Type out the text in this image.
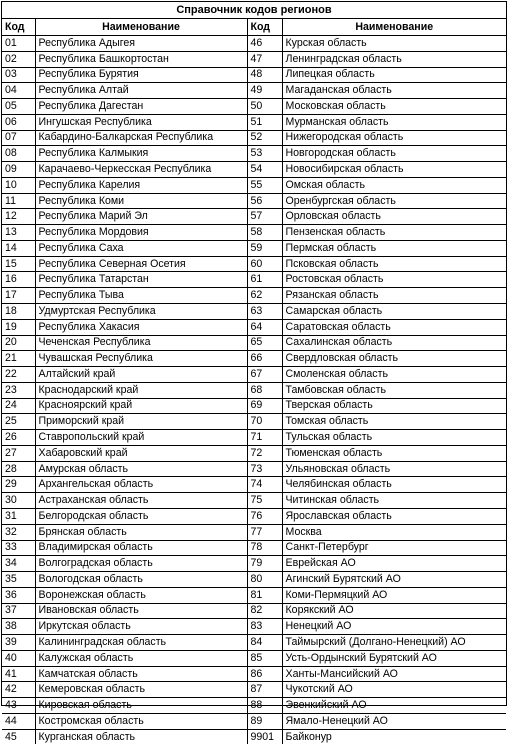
Справочник кодов регионов
Код	Наименование	Код	Наименование
01	Республика Адыгея	46	Курская область
02	Республика Башкортостан	47	Ленинградская область
03	Республика Бурятия	48	Липецкая область
04	Республика Алтай	49	Магаданская область
05	Республика Дагестан	50	Московская область
06	Ингушская Республика	51	Мурманская область
07	Кабардино-Балкарская Республика	52	Нижегородская область
08	Республика Калмыкия	53	Новгородская область
09	Карачаево-Черкесская Республика	54	Новосибирская область
10	Республика Карелия	55	Омская область
11	Республика Коми	56	Оренбургская область
12	Республика Марий Эл	57	Орловская область
13	Республика Мордовия	58	Пензенская область
14	Республика Саха	59	Пермская область
15	Республика Северная Осетия	60	Псковская область
16	Республика Татарстан	61	Ростовская область
17	Республика Тыва	62	Рязанская область
18	Удмуртская Республика	63	Самарская область
19	Республика Хакасия	64	Саратовская область
20	Чеченская Республика	65	Сахалинская область
21	Чувашская Республика	66	Свердловская область
22	Алтайский край	67	Смоленская область
23	Краснодарский край	68	Тамбовская область
24	Красноярский край	69	Тверская область
25	Приморский край	70	Томская область
26	Ставропольский край	71	Тульская область
27	Хабаровский край	72	Тюменская область
28	Амурская область	73	Ульяновская область
29	Архангельская область	74	Челябинская область
30	Астраханская область	75	Читинская область
31	Белгородская область	76	Ярославская область
32	Брянская область	77	Москва
33	Владимирская область	78	Санкт-Петербург
34	Волгоградская область	79	Еврейская АО
35	Вологодская область	80	Агинский Бурятский АО
36	Воронежская область	81	Коми-Пермяцкий АО
37	Ивановская область	82	Корякский АО
38	Иркутская область	83	Ненецкий АО
39	Калининградская область	84	Таймырский (Долгано-Ненецкий) АО
40	Калужская область	85	Усть-Ордынский Бурятский АО
41	Камчатская область	86	Ханты-Мансийский АО
42	Кемеровская область	87	Чукотский АО
43	Кировская область	88	Эвенкийский АО
44	Костромская область	89	Ямало-Ненецкий АО
45	Курганская область	9901	Байконур
